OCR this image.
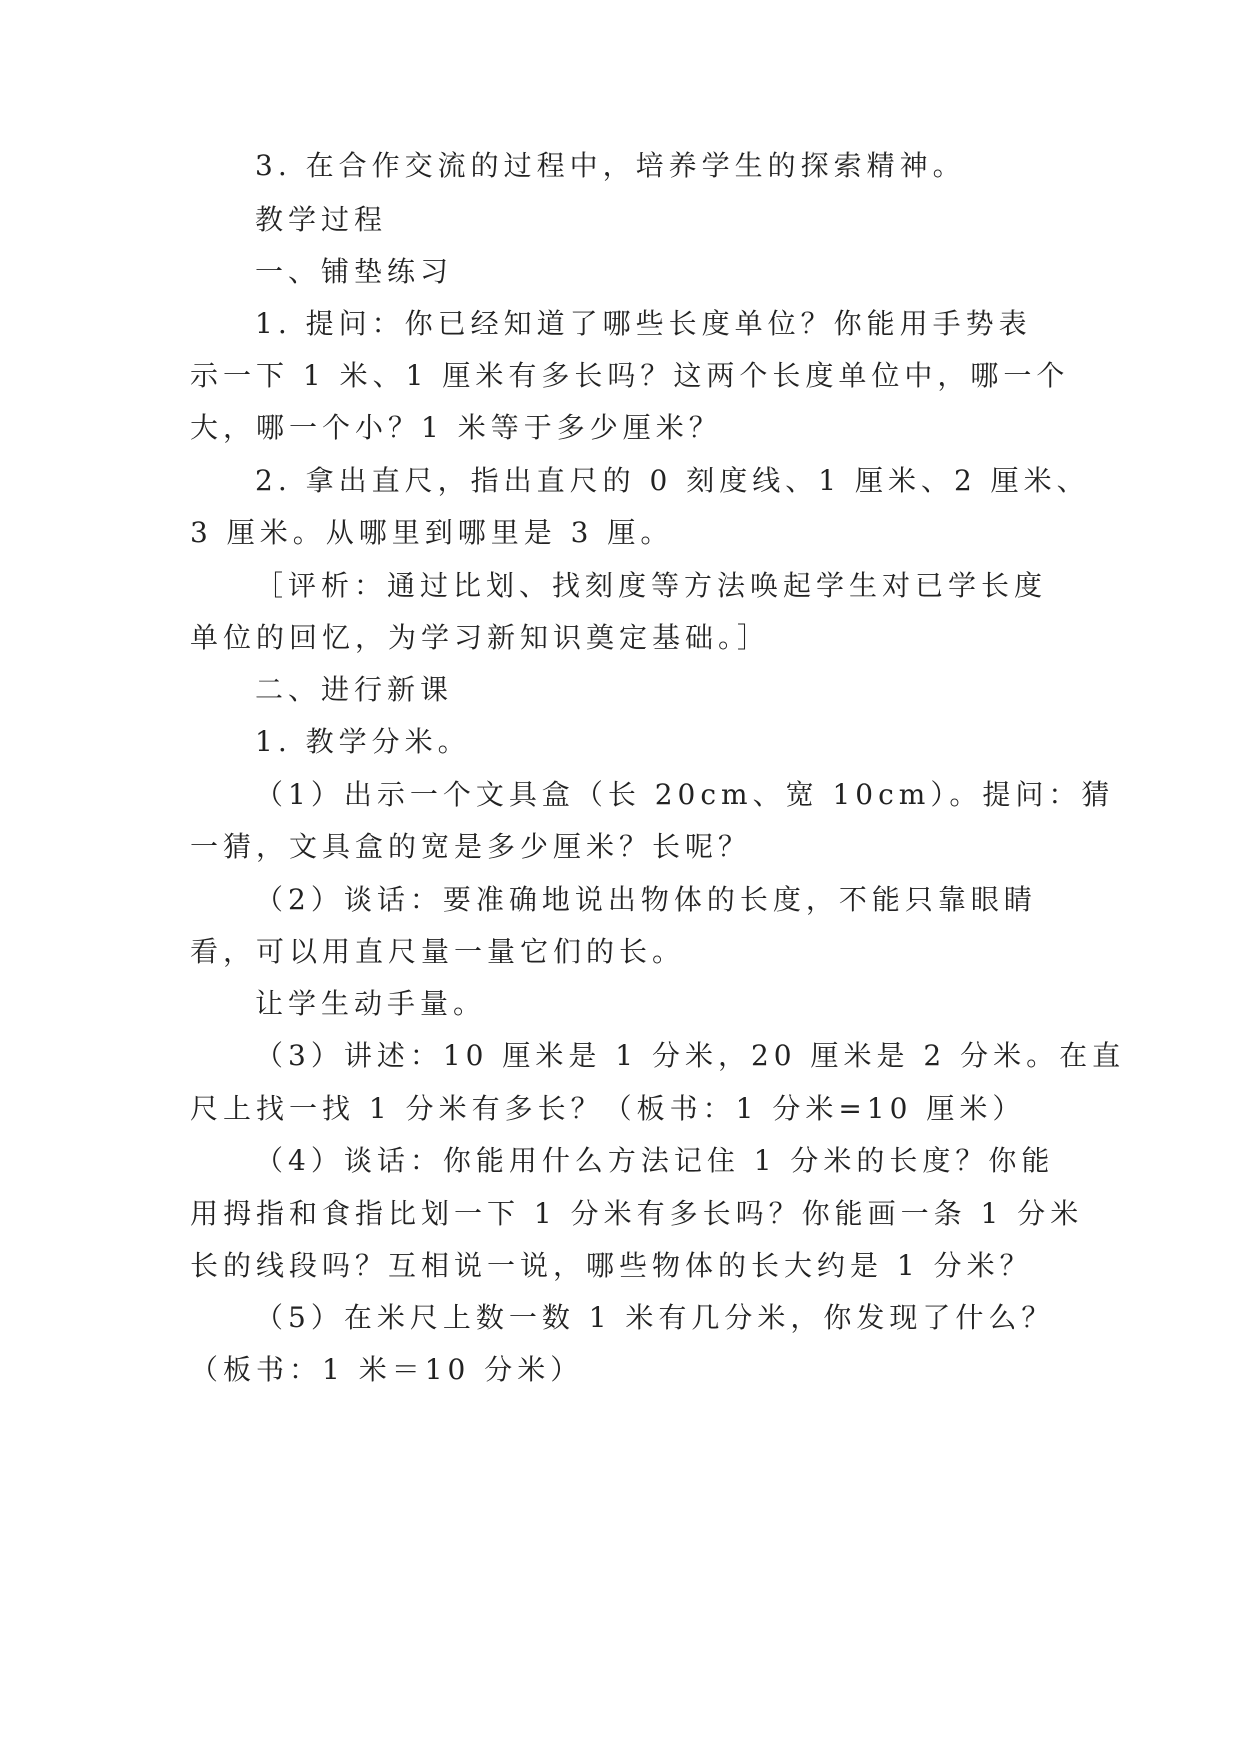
3. 在合作交流的过程中，培养学生的探索精神。
教学过程
一、铺垫练习
1. 提问：你已经知道了哪些长度单位？你能用手势表
示一下 1 米、1 厘米有多长吗？这两个长度单位中，哪一个
大，哪一个小？1 米等于多少厘米？
2. 拿出直尺，指出直尺的 0 刻度线、1 厘米、2 厘米、
3 厘米。从哪里到哪里是 3 厘。
［评析：通过比划、找刻度等方法唤起学生对已学长度
单位的回忆，为学习新知识奠定基础。］
二、进行新课
1. 教学分米。
（1）出示一个文具盒（长 20cm、宽 10cm）。提问：猜
一猜，文具盒的宽是多少厘米？长呢？
（2）谈话：要准确地说出物体的长度，不能只靠眼睛
看，可以用直尺量一量它们的长。
让学生动手量。
（3）讲述：10 厘米是 1 分米，20 厘米是 2 分米。在直
尺上找一找 1 分米有多长？（板书：1 分米=10 厘米）
（4）谈话：你能用什么方法记住 1 分米的长度？你能
用拇指和食指比划一下 1 分米有多长吗？你能画一条 1 分米
长的线段吗？互相说一说，哪些物体的长大约是 1 分米？
（5）在米尺上数一数 1 米有几分米，你发现了什么？
（板书：1 米＝10 分米）
